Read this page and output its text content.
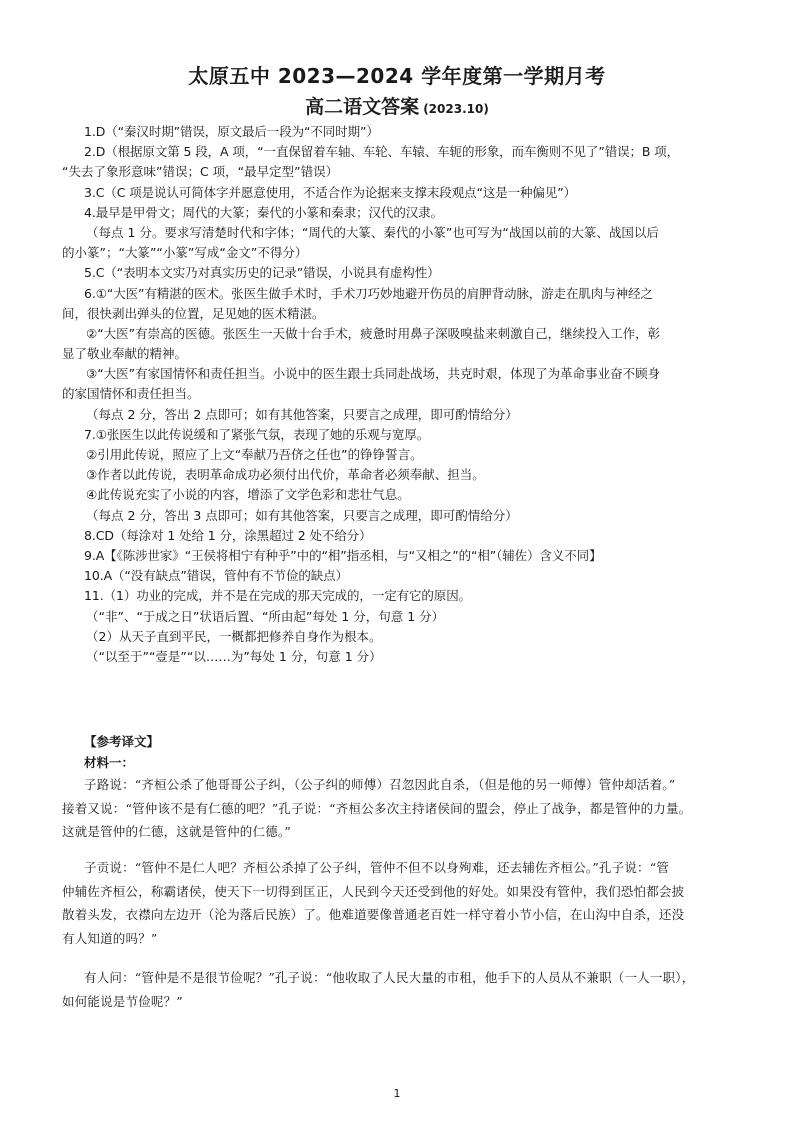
太原五中 2023—2024 学年度第一学期月考
高二语文答案 (2023.10)
1.D（“秦汉时期”错误，原文最后一段为“不同时期”）
2.D（根据原文第 5 段，A 项，“一直保留着车轴、车轮、车辕、车轭的形象，而车衡则不见了”错误；B 项，
“失去了象形意味”错误；C 项，“最早定型”错误）
3.C（C 项是说认可简体字并愿意使用，不适合作为论据来支撑末段观点“这是一种偏见”）
4.最早是甲骨文；周代的大篆；秦代的小篆和秦隶；汉代的汉隶。
（每点 1 分。要求写清楚时代和字体；“周代的大篆、秦代的小篆”也可写为“战国以前的大篆、战国以后
的小篆”；“大篆”“小篆”写成“金文”不得分）
5.C（“表明本文实乃对真实历史的记录”错误，小说具有虚构性）
6.①“大医”有精湛的医术。张医生做手术时，手术刀巧妙地避开伤员的肩胛背动脉，游走在肌肉与神经之
间，很快剥出弹头的位置，足见她的医术精湛。
②“大医”有崇高的医德。张医生一天做十台手术，疲惫时用鼻子深吸嗅盐来刺激自己，继续投入工作，彰
显了敬业奉献的精神。
③“大医”有家国情怀和责任担当。小说中的医生跟士兵同赴战场，共克时艰，体现了为革命事业奋不顾身
的家国情怀和责任担当。
（每点 2 分，答出 2 点即可；如有其他答案，只要言之成理，即可酌情给分）
7.①张医生以此传说缓和了紧张气氛，表现了她的乐观与宽厚。
②引用此传说，照应了上文“奉献乃吾侪之任也”的铮铮誓言。
③作者以此传说，表明革命成功必须付出代价，革命者必须奉献、担当。
④此传说充实了小说的内容，增添了文学色彩和悲壮气息。
（每点 2 分，答出 3 点即可；如有其他答案，只要言之成理，即可酌情给分）
8.CD（每涂对 1 处给 1 分，涂黑超过 2 处不给分）
9.A【《陈涉世家》“王侯将相宁有种乎”中的“相”指丞相，与“又相之”的“相”（辅佐）含义不同】
10.A（“没有缺点”错误，管仲有不节俭的缺点）
11.（1）功业的完成，并不是在完成的那天完成的，一定有它的原因。
（“非”、“于成之日”状语后置、“所由起”每处 1 分，句意 1 分）
（2）从天子直到平民，一概都把修养自身作为根本。
（“以至于”“壹是”“以……为”每处 1 分，句意 1 分）
【参考译文】
材料一：
子路说：“齐桓公杀了他哥哥公子纠，（公子纠的师傅）召忽因此自杀，（但是他的另一师傅）管仲却活着。”
接着又说：“管仲该不是有仁德的吧？”孔子说：“齐桓公多次主持诸侯间的盟会，停止了战争，都是管仲的力量。
这就是管仲的仁德，这就是管仲的仁德。”
子贡说：“管仲不是仁人吧？齐桓公杀掉了公子纠，管仲不但不以身殉难，还去辅佐齐桓公。”孔子说：“管
仲辅佐齐桓公，称霸诸侯，使天下一切得到匡正，人民到今天还受到他的好处。如果没有管仲，我们恐怕都会披
散着头发，衣襟向左边开（沦为落后民族）了。他难道要像普通老百姓一样守着小节小信，在山沟中自杀，还没
有人知道的吗？”
有人问：“管仲是不是很节俭呢？”孔子说：“他收取了人民大量的市租，他手下的人员从不兼职（一人一职），
如何能说是节俭呢？”
1
